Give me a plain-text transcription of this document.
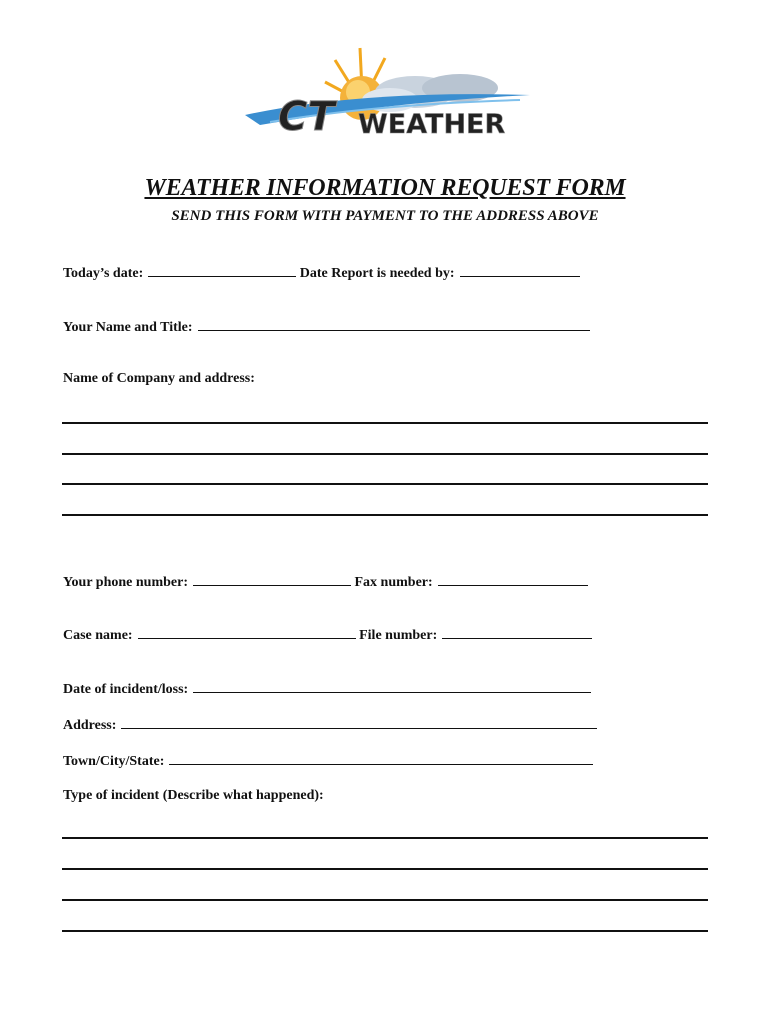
CT WEATHER
WEATHER INFORMATION REQUEST FORM
SEND THIS FORM WITH PAYMENT TO THE ADDRESS ABOVE
Today’s date:	Date Report is needed by:
Your Name and Title:
Name of Company and address:
Your phone number:	Fax number:
Case name:	File number:
Date of incident/loss:
Address:
Town/City/State:
Type of incident (Describe what happened):
